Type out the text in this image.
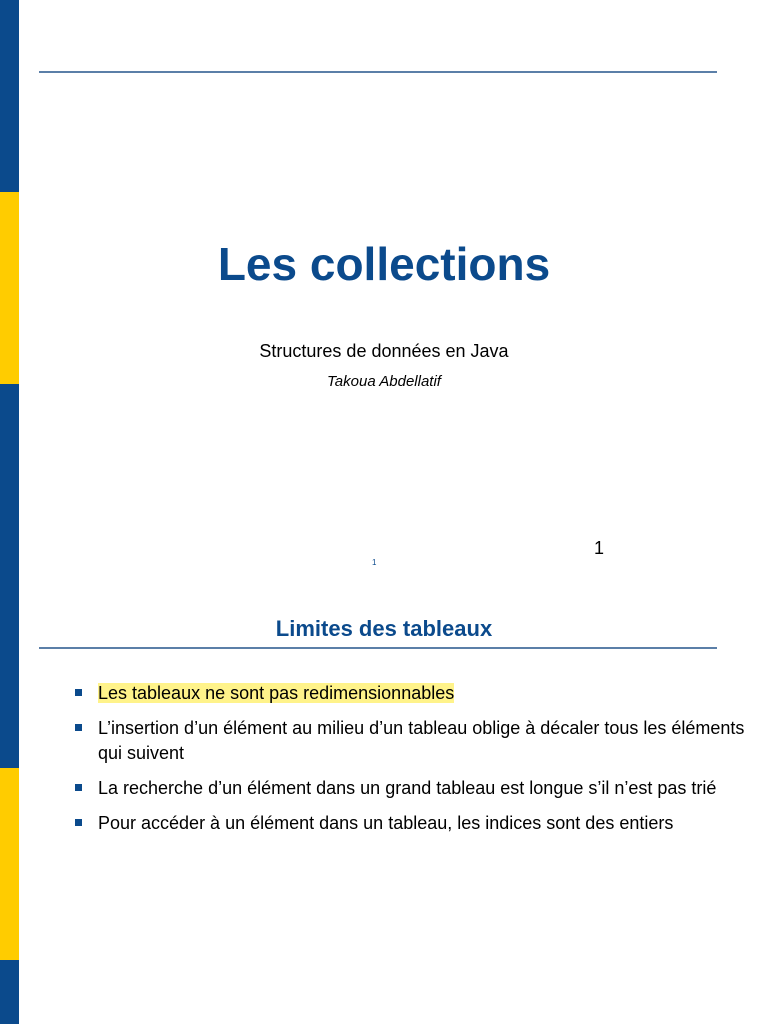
Les collections
Structures de données en Java
Takoua Abdellatif
1
1
Limites des tableaux
Les tableaux ne sont pas redimensionnables
L’insertion d’un élément au milieu d’un tableau oblige à décaler tous les éléments qui suivent
La recherche d’un élément dans un grand tableau est longue s’il n’est pas trié
Pour accéder à un élément dans un tableau, les indices sont des entiers
